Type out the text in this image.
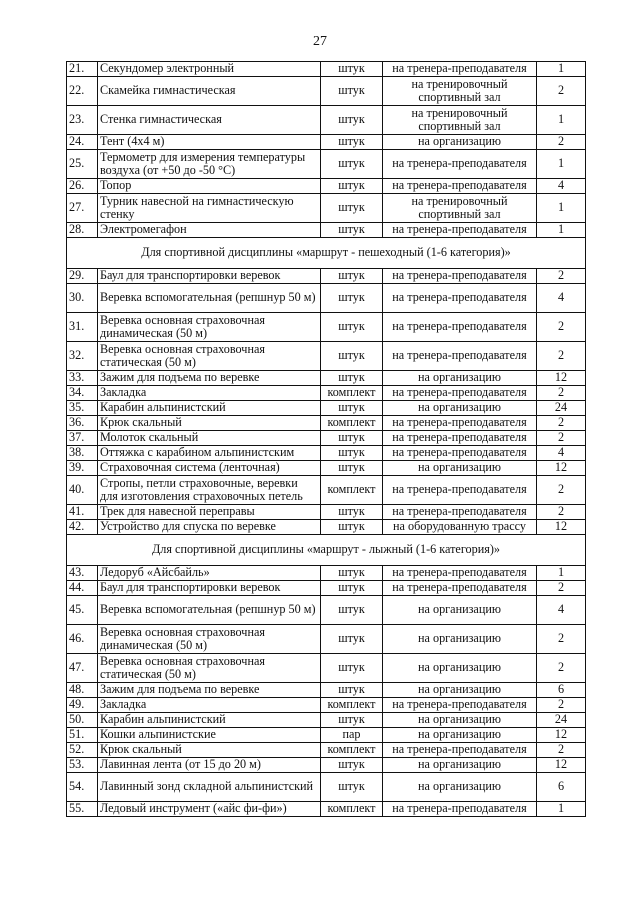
27
21.	Секундомер электронный	штук	на тренера-преподавателя	1
22.	Скамейка гимнастическая	штук	на тренировочный спортивный зал	2
23.	Стенка гимнастическая	штук	на тренировочный спортивный зал	1
24.	Тент (4х4 м)	штук	на организацию	2
25.	Термометр для измерения температуры воздуха (от +50 до -50 °C)	штук	на тренера-преподавателя	1
26.	Топор	штук	на тренера-преподавателя	4
27.	Турник навесной на гимнастическую стенку	штук	на тренировочный спортивный зал	1
28.	Электромегафон	штук	на тренера-преподавателя	1
Для спортивной дисциплины «маршрут - пешеходный (1-6 категория)»				
29.	Баул для транспортировки веревок	штук	на тренера-преподавателя	2
30.	Веревка вспомогательная (репшнур 50 м)	штук	на тренера-преподавателя	4
31.	Веревка основная страховочная динамическая (50 м)	штук	на тренера-преподавателя	2
32.	Веревка основная страховочная статическая (50 м)	штук	на тренера-преподавателя	2
33.	Зажим для подъема по веревке	штук	на организацию	12
34.	Закладка	комплект	на тренера-преподавателя	2
35.	Карабин альпинистский	штук	на организацию	24
36.	Крюк скальный	комплект	на тренера-преподавателя	2
37.	Молоток скальный	штук	на тренера-преподавателя	2
38.	Оттяжка с карабином альпинистским	штук	на тренера-преподавателя	4
39.	Страховочная система (ленточная)	штук	на организацию	12
40.	Стропы, петли страховочные, веревки для изготовления страховочных петель	комплект	на тренера-преподавателя	2
41.	Трек для навесной переправы	штук	на тренера-преподавателя	2
42.	Устройство для спуска по веревке	штук	на оборудованную трассу	12
Для спортивной дисциплины «маршрут - лыжный (1-6 категория)»				
43.	Ледоруб «Айсбайль»	штук	на тренера-преподавателя	1
44.	Баул для транспортировки веревок	штук	на тренера-преподавателя	2
45.	Веревка вспомогательная (репшнур 50 м)	штук	на организацию	4
46.	Веревка основная страховочная динамическая (50 м)	штук	на организацию	2
47.	Веревка основная страховочная статическая (50 м)	штук	на организацию	2
48.	Зажим для подъема по веревке	штук	на организацию	6
49.	Закладка	комплект	на тренера-преподавателя	2
50.	Карабин альпинистский	штук	на организацию	24
51.	Кошки альпинистские	пар	на организацию	12
52.	Крюк скальный	комплект	на тренера-преподавателя	2
53.	Лавинная лента (от 15 до 20 м)	штук	на организацию	12
54.	Лавинный зонд складной альпинистский	штук	на организацию	6
55.	Ледовый инструмент («айс фи-фи»)	комплект	на тренера-преподавателя	1
